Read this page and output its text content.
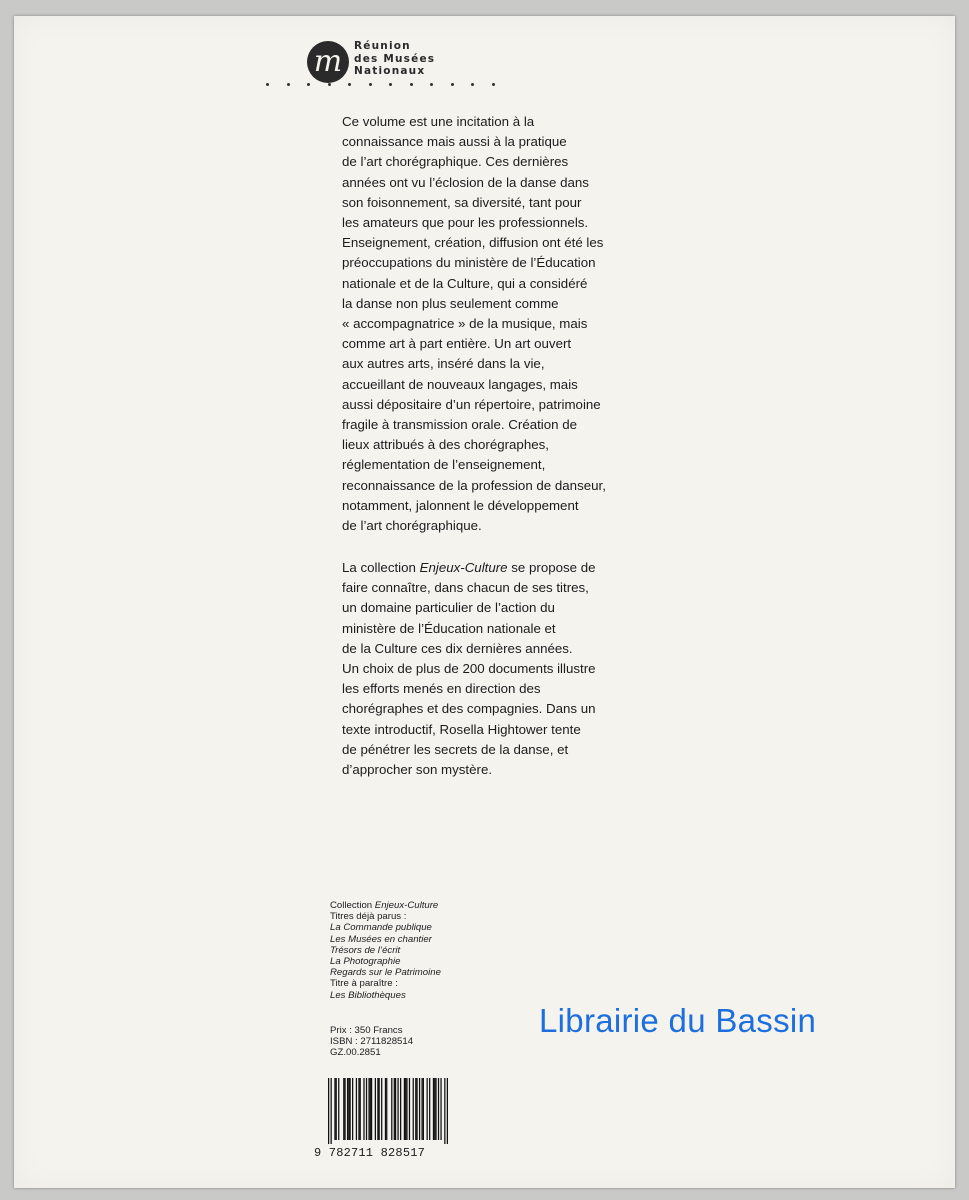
m Réunion
des Musées
Nationaux
Ce volume est une incitation à la
connaissance mais aussi à la pratique
de l’art chorégraphique. Ces dernières
années ont vu l’éclosion de la danse dans
son foisonnement, sa diversité, tant pour
les amateurs que pour les professionnels.
Enseignement, création, diffusion ont été les
préoccupations du ministère de l’Éducation
nationale et de la Culture, qui a considéré
la danse non plus seulement comme
« accompagnatrice » de la musique, mais
comme art à part entière. Un art ouvert
aux autres arts, inséré dans la vie,
accueillant de nouveaux langages, mais
aussi dépositaire d’un répertoire, patrimoine
fragile à transmission orale. Création de
lieux attribués à des chorégraphes,
réglementation de l’enseignement,
reconnaissance de la profession de danseur,
notamment, jalonnent le développement
de l’art chorégraphique.
La collection Enjeux-Culture se propose de
faire connaître, dans chacun de ses titres,
un domaine particulier de l’action du
ministère de l’Éducation nationale et
de la Culture ces dix dernières années.
Un choix de plus de 200 documents illustre
les efforts menés en direction des
chorégraphes et des compagnies. Dans un
texte introductif, Rosella Hightower tente
de pénétrer les secrets de la danse, et
d’approcher son mystère.
Collection Enjeux-Culture
Titres déjà parus :
La Commande publique
Les Musées en chantier
Trésors de l’écrit
La Photographie
Regards sur le Patrimoine
Titre à paraître :
Les Bibliothèques
Prix : 350 Francs
ISBN : 2711828514
GZ.00.2851
Librairie du Bassin
9 782711 828517
